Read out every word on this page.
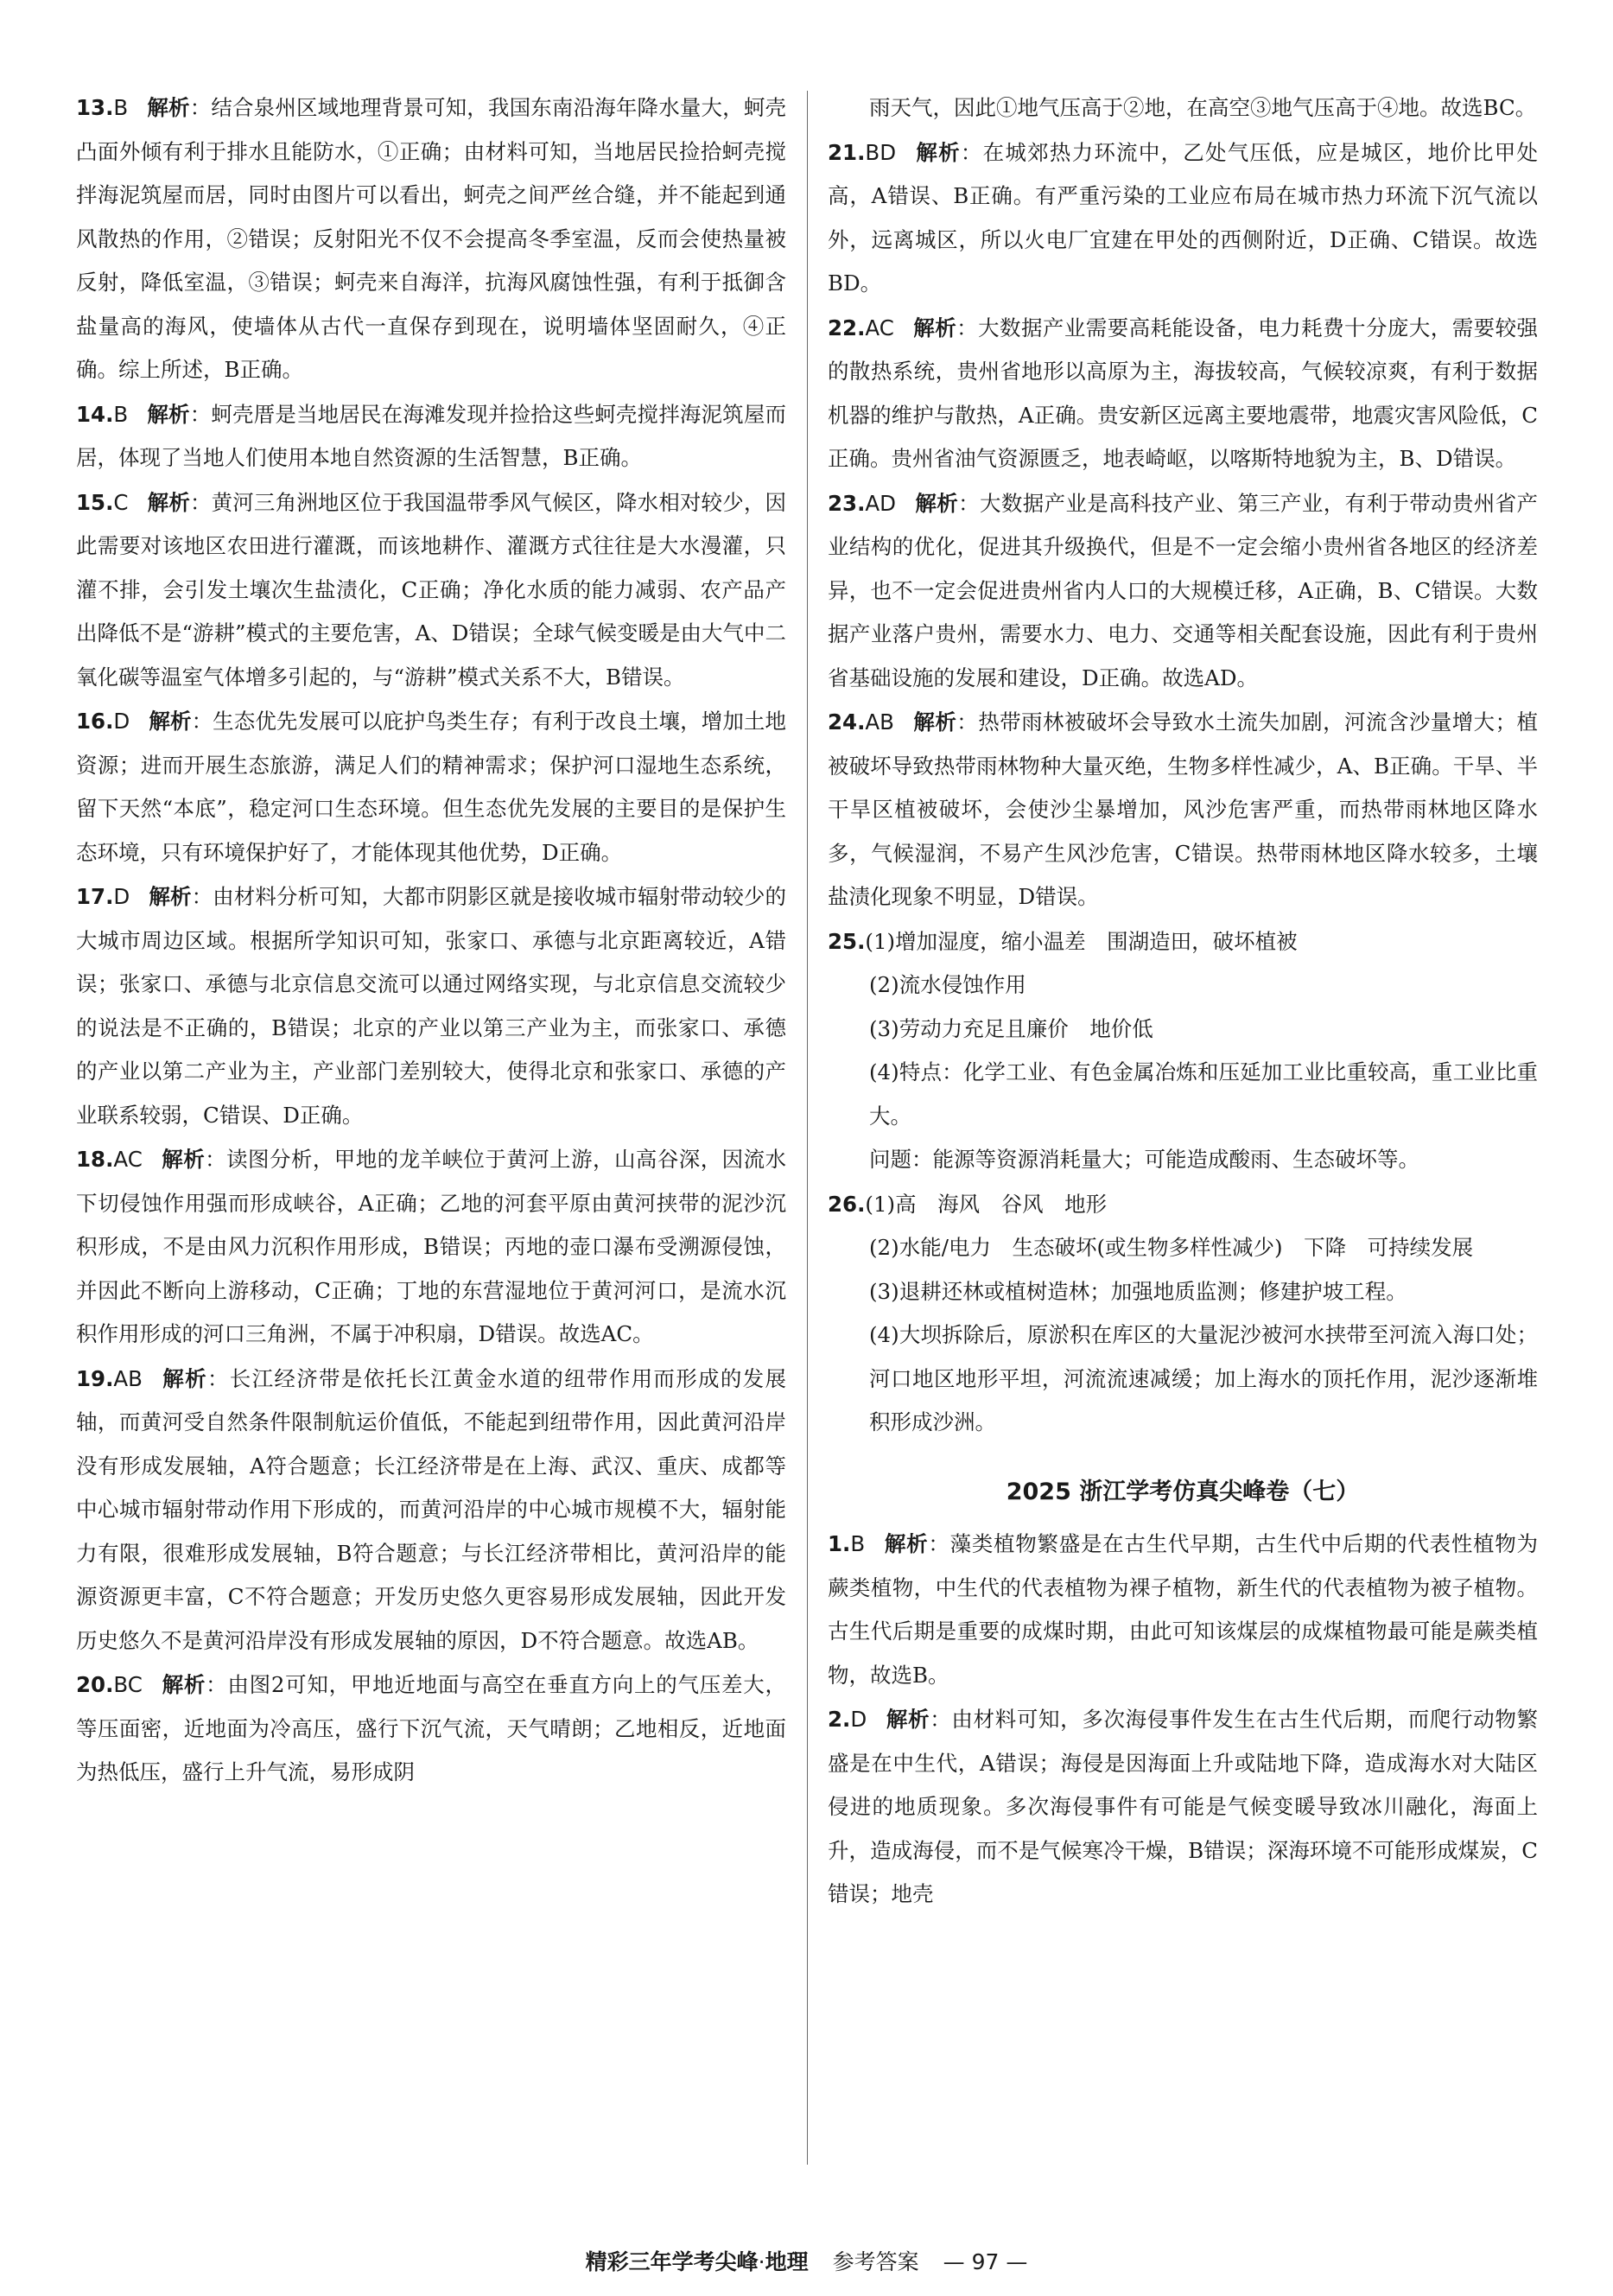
13.B 解析：结合泉州区域地理背景可知，我国东南沿海年降水量大，蚵壳凸面外倾有利于排水且能防水，①正确；由材料可知，当地居民捡拾蚵壳搅拌海泥筑屋而居，同时由图片可以看出，蚵壳之间严丝合缝，并不能起到通风散热的作用，②错误；反射阳光不仅不会提高冬季室温，反而会使热量被反射，降低室温，③错误；蚵壳来自海洋，抗海风腐蚀性强，有利于抵御含盐量高的海风，使墙体从古代一直保存到现在，说明墙体坚固耐久，④正确。综上所述，B正确。
14.B 解析：蚵壳厝是当地居民在海滩发现并捡拾这些蚵壳搅拌海泥筑屋而居，体现了当地人们使用本地自然资源的生活智慧，B正确。
15.C 解析：黄河三角洲地区位于我国温带季风气候区，降水相对较少，因此需要对该地区农田进行灌溉，而该地耕作、灌溉方式往往是大水漫灌，只灌不排，会引发土壤次生盐渍化，C正确；净化水质的能力减弱、农产品产出降低不是“游耕”模式的主要危害，A、D错误；全球气候变暖是由大气中二氧化碳等温室气体增多引起的，与“游耕”模式关系不大，B错误。
16.D 解析：生态优先发展可以庇护鸟类生存；有利于改良土壤，增加土地资源；进而开展生态旅游，满足人们的精神需求；保护河口湿地生态系统，留下天然“本底”，稳定河口生态环境。但生态优先发展的主要目的是保护生态环境，只有环境保护好了，才能体现其他优势，D正确。
17.D 解析：由材料分析可知，大都市阴影区就是接收城市辐射带动较少的大城市周边区域。根据所学知识可知，张家口、承德与北京距离较近，A错误；张家口、承德与北京信息交流可以通过网络实现，与北京信息交流较少的说法是不正确的，B错误；北京的产业以第三产业为主，而张家口、承德的产业以第二产业为主，产业部门差别较大，使得北京和张家口、承德的产业联系较弱，C错误、D正确。
18.AC 解析：读图分析，甲地的龙羊峡位于黄河上游，山高谷深，因流水下切侵蚀作用强而形成峡谷，A正确；乙地的河套平原由黄河挟带的泥沙沉积形成，不是由风力沉积作用形成，B错误；丙地的壶口瀑布受溯源侵蚀，并因此不断向上游移动，C正确；丁地的东营湿地位于黄河河口，是流水沉积作用形成的河口三角洲，不属于冲积扇，D错误。故选AC。
19.AB 解析：长江经济带是依托长江黄金水道的纽带作用而形成的发展轴，而黄河受自然条件限制航运价值低，不能起到纽带作用，因此黄河沿岸没有形成发展轴，A符合题意；长江经济带是在上海、武汉、重庆、成都等中心城市辐射带动作用下形成的，而黄河沿岸的中心城市规模不大，辐射能力有限，很难形成发展轴，B符合题意；与长江经济带相比，黄河沿岸的能源资源更丰富，C不符合题意；开发历史悠久更容易形成发展轴，因此开发历史悠久不是黄河沿岸没有形成发展轴的原因，D不符合题意。故选AB。
20.BC 解析：由图2可知，甲地近地面与高空在垂直方向上的气压差大，等压面密，近地面为冷高压，盛行下沉气流，天气晴朗；乙地相反，近地面为热低压，盛行上升气流，易形成阴
雨天气，因此①地气压高于②地，在高空③地气压高于④地。故选BC。
21.BD 解析：在城郊热力环流中，乙处气压低，应是城区，地价比甲处高，A错误、B正确。有严重污染的工业应布局在城市热力环流下沉气流以外，远离城区，所以火电厂宜建在甲处的西侧附近，D正确、C错误。故选BD。
22.AC 解析：大数据产业需要高耗能设备，电力耗费十分庞大，需要较强的散热系统，贵州省地形以高原为主，海拔较高，气候较凉爽，有利于数据机器的维护与散热，A正确。贵安新区远离主要地震带，地震灾害风险低，C正确。贵州省油气资源匮乏，地表崎岖，以喀斯特地貌为主，B、D错误。
23.AD 解析：大数据产业是高科技产业、第三产业，有利于带动贵州省产业结构的优化，促进其升级换代，但是不一定会缩小贵州省各地区的经济差异，也不一定会促进贵州省内人口的大规模迁移，A正确，B、C错误。大数据产业落户贵州，需要水力、电力、交通等相关配套设施，因此有利于贵州省基础设施的发展和建设，D正确。故选AD。
24.AB 解析：热带雨林被破坏会导致水土流失加剧，河流含沙量增大；植被破坏导致热带雨林物种大量灭绝，生物多样性减少，A、B正确。干旱、半干旱区植被破坏，会使沙尘暴增加，风沙危害严重，而热带雨林地区降水多，气候湿润，不易产生风沙危害，C错误。热带雨林地区降水较多，土壤盐渍化现象不明显，D错误。
25.(1)增加湿度，缩小温差　围湖造田，破坏植被
(2)流水侵蚀作用
(3)劳动力充足且廉价　地价低
(4)特点：化学工业、有色金属冶炼和压延加工业比重较高，重工业比重大。
问题：能源等资源消耗量大；可能造成酸雨、生态破坏等。
26.(1)高　海风　谷风　地形
(2)水能/电力　生态破坏(或生物多样性减少)　下降　可持续发展
(3)退耕还林或植树造林；加强地质监测；修建护坡工程。
(4)大坝拆除后，原淤积在库区的大量泥沙被河水挟带至河流入海口处；河口地区地形平坦，河流流速减缓；加上海水的顶托作用，泥沙逐渐堆积形成沙洲。
2025 浙江学考仿真尖峰卷（七）
1.B 解析：藻类植物繁盛是在古生代早期，古生代中后期的代表性植物为蕨类植物，中生代的代表植物为裸子植物，新生代的代表植物为被子植物。古生代后期是重要的成煤时期，由此可知该煤层的成煤植物最可能是蕨类植物，故选B。
2.D 解析：由材料可知，多次海侵事件发生在古生代后期，而爬行动物繁盛是在中生代，A错误；海侵是因海面上升或陆地下降，造成海水对大陆区侵进的地质现象。多次海侵事件有可能是气候变暖导致冰川融化，海面上升，造成海侵，而不是气候寒冷干燥，B错误；深海环境不可能形成煤炭，C错误；地壳
精彩三年学考尖峰·地理 参考答案 — 97 —
